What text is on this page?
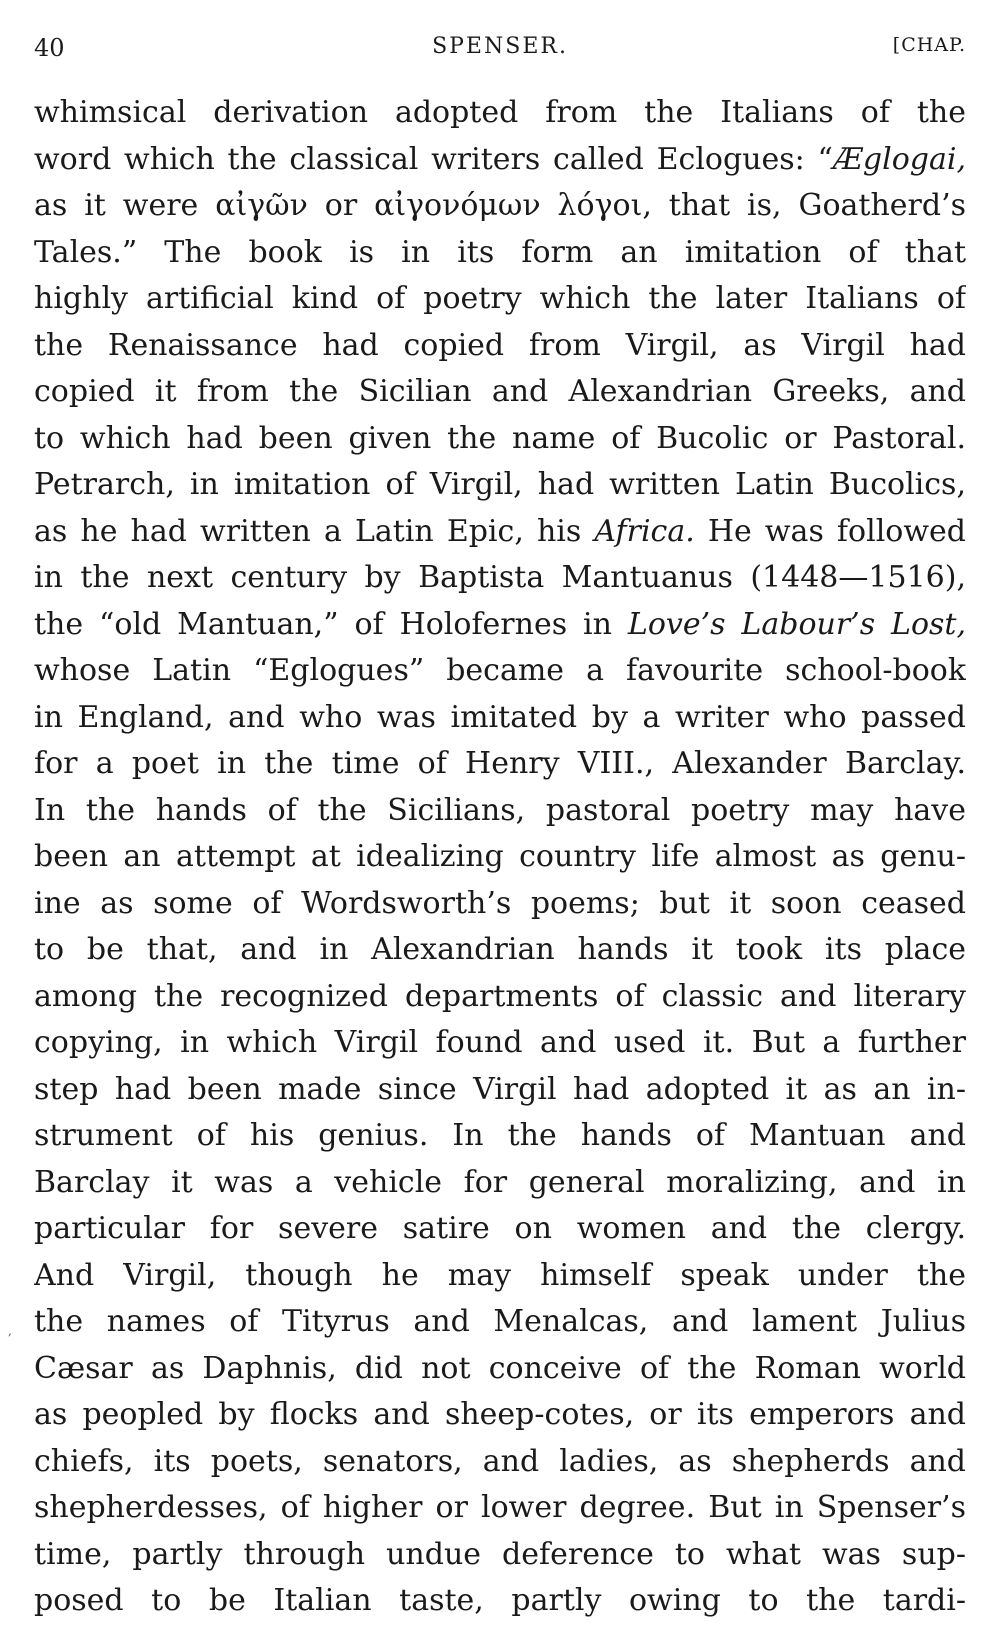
40	SPENSER.	[CHAP.
,
whimsical derivation adopted from the Italians of the
word which the classical writers called Eclogues: “Æglogai,
as it were αἰγῶν or αἰγονόμων λόγοι, that is, Goatherd’s
Tales.” The book is in its form an imitation of that
highly artificial kind of poetry which the later Italians of
the Renaissance had copied from Virgil, as Virgil had
copied it from the Sicilian and Alexandrian Greeks, and
to which had been given the name of Bucolic or Pastoral.
Petrarch, in imitation of Virgil, had written Latin Bucolics,
as he had written a Latin Epic, his Africa. He was followed
in the next century by Baptista Mantuanus (1448—1516),
the “old Mantuan,” of Holofernes in Love’s Labour’s Lost,
whose Latin “Eglogues” became a favourite school-book
in England, and who was imitated by a writer who passed
for a poet in the time of Henry VIII., Alexander Barclay.
In the hands of the Sicilians, pastoral poetry may have
been an attempt at idealizing country life almost as genu-
ine as some of Wordsworth’s poems; but it soon ceased
to be that, and in Alexandrian hands it took its place
among the recognized departments of classic and literary
copying, in which Virgil found and used it. But a further
step had been made since Virgil had adopted it as an in-
strument of his genius. In the hands of Mantuan and
Barclay it was a vehicle for general moralizing, and in
particular for severe satire on women and the clergy.
And Virgil, though he may himself speak under the
the names of Tityrus and Menalcas, and lament Julius
Cæsar as Daphnis, did not conceive of the Roman world
as peopled by flocks and sheep-cotes, or its emperors and
chiefs, its poets, senators, and ladies, as shepherds and
shepherdesses, of higher or lower degree. But in Spenser’s
time, partly through undue deference to what was sup-
posed to be Italian taste, partly owing to the tardi-
